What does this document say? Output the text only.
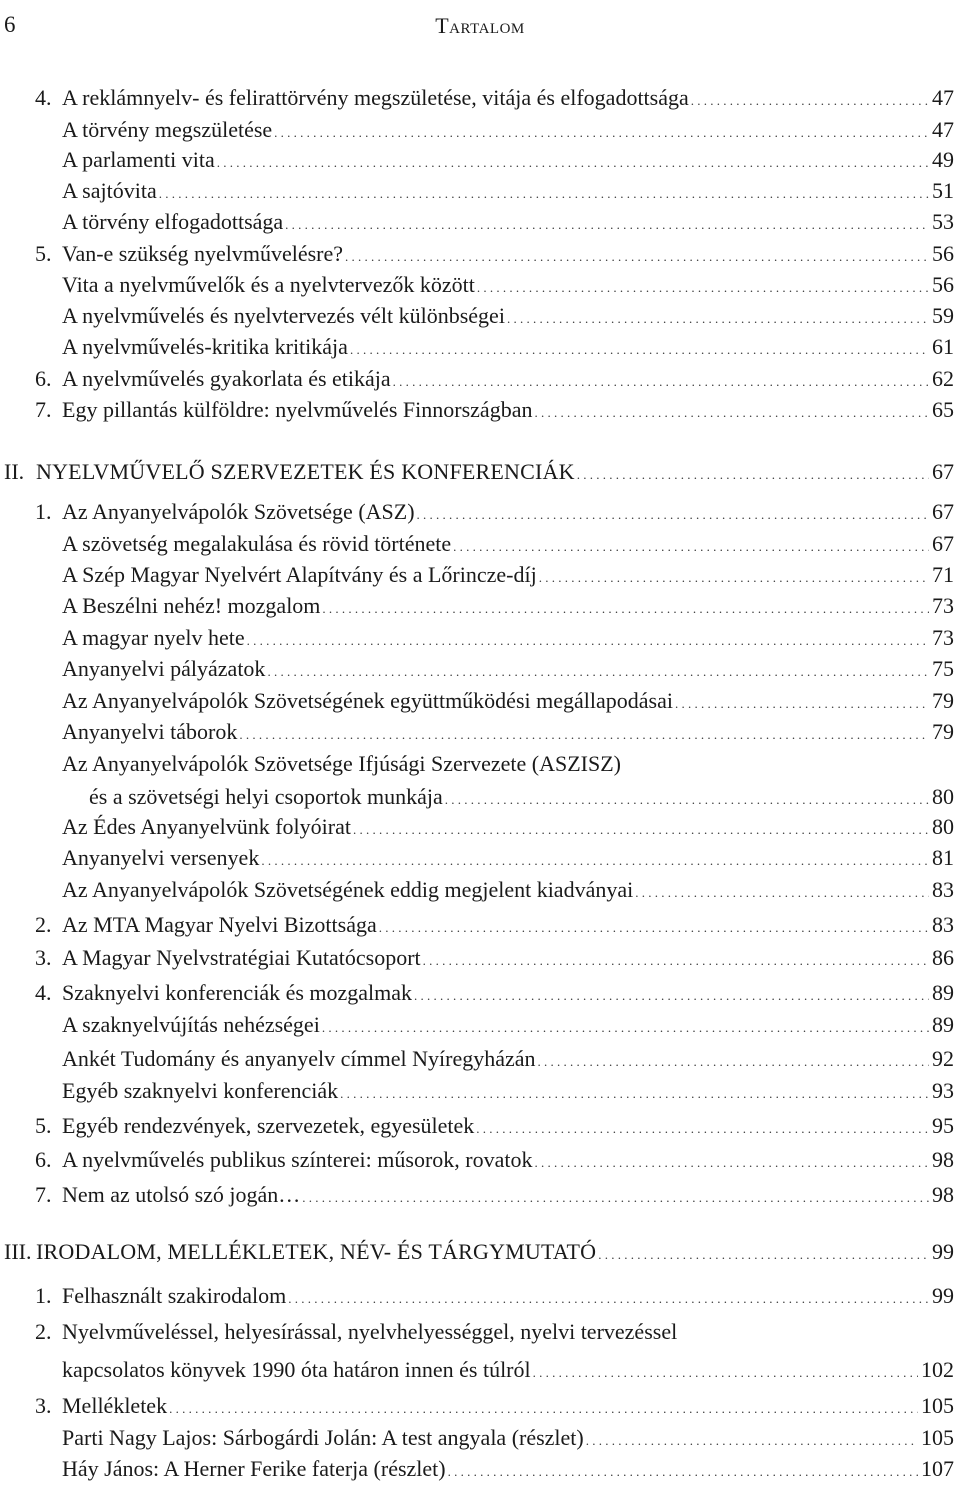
6	Tartalom
4. A reklámnyelv- és felirattörvény megszületése, vitája és elfogadottsága . . .	47
A törvény megszületése . . .	47
A parlamenti vita . . .	49
A sajtóvita . . .	51
A törvény elfogadottsága . . .	53
5. Van-e szükség nyelvművelésre? . . .	56
Vita a nyelvművelők és a nyelvtervezők között . . .	56
A nyelvművelés és nyelvtervezés vélt különbségei . . .	59
A nyelvművelés-kritika kritikája . . .	61
6. A nyelvművelés gyakorlata és etikája . . .	62
7. Egy pillantás külföldre: nyelvművelés Finnországban . . .	65
II. NYELVMŰVELŐ SZERVEZETEK ÉS KONFERENCIÁK . . .	67
1. Az Anyanyelvápolók Szövetsége (ASZ) . . .	67
A szövetség megalakulása és rövid története . . .	67
A Szép Magyar Nyelvért Alapítvány és a Lőrincze-díj . . .	71
A Beszélni nehéz! mozgalom . . .	73
A magyar nyelv hete . . .	73
Anyanyelvi pályázatok . . .	75
Az Anyanyelvápolók Szövetségének együttműködési megállapodásai . . .	79
Anyanyelvi táborok . . .	79
Az Anyanyelvápolók Szövetsége Ifjúsági Szervezete (ASZISZ)
és a szövetségi helyi csoportok munkája . . .	80
Az Édes Anyanyelvünk folyóirat . . .	80
Anyanyelvi versenyek . . .	81
Az Anyanyelvápolók Szövetségének eddig megjelent kiadványai . . .	83
2. Az MTA Magyar Nyelvi Bizottsága . . .	83
3. A Magyar Nyelvstratégiai Kutatócsoport . . .	86
4. Szaknyelvi konferenciák és mozgalmak . . .	89
A szaknyelvújítás nehézségei . . .	89
Ankét Tudomány és anyanyelv címmel Nyíregyházán . . .	92
Egyéb szaknyelvi konferenciák . . .	93
5. Egyéb rendezvények, szervezetek, egyesületek . . .	95
6. A nyelvművelés publikus színterei: műsorok, rovatok . . .	98
7. Nem az utolsó szó jogán… . . .	98
III. IRODALOM, MELLÉKLETEK, NÉV- ÉS TÁRGYMUTATÓ . . .	99
1. Felhasznált szakirodalom . . .	99
2. Nyelvműveléssel, helyesírással, nyelvhelyességgel, nyelvi tervezéssel
kapcsolatos könyvek 1990 óta határon innen és túlról . . .	102
3. Mellékletek . . .	105
Parti Nagy Lajos: Sárbogárdi Jolán: A test angyala (részlet) . . .	105
Háy János: A Herner Ferike faterja (részlet) . . .	107
